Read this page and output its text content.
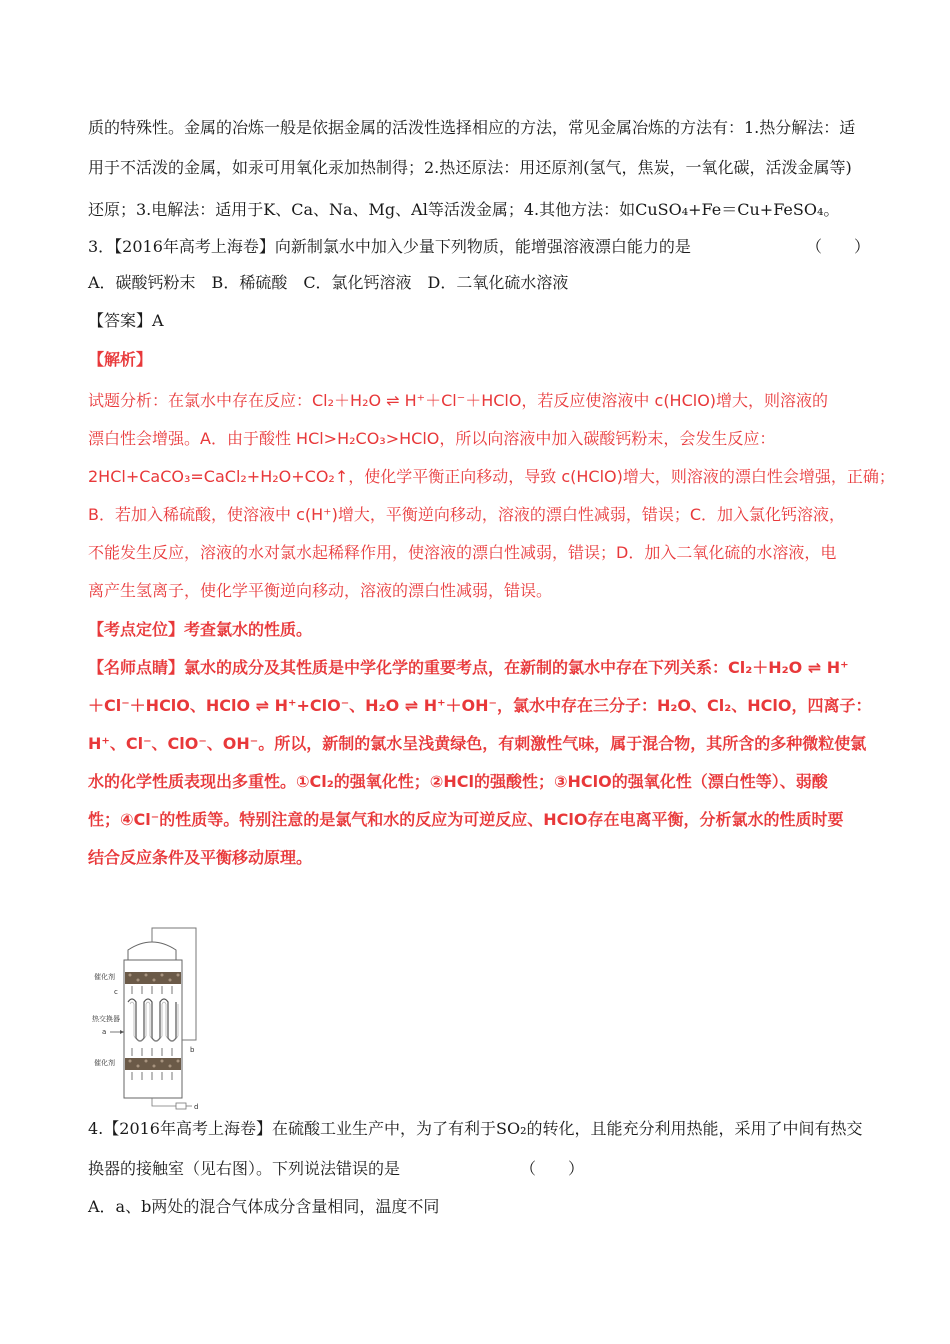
质的特殊性。金属的冶炼一般是依据金属的活泼性选择相应的方法，常见金属冶炼的方法有：1.热分解法：适
用于不活泼的金属，如汞可用氧化汞加热制得；2.热还原法：用还原剂(氢气，焦炭，一氧化碳，活泼金属等)
还原；3.电解法：适用于K、Ca、Na、Mg、Al等活泼金属；4.其他方法：如CuSO₄+Fe＝Cu+FeSO₄。
3．【2016年高考上海卷】向新制氯水中加入少量下列物质，能增强溶液漂白能力的是	（　　）
A．碳酸钙粉末　B．稀硫酸　C．氯化钙溶液　D．二氧化硫水溶液
【答案】A
【解析】
试题分析：在氯水中存在反应：Cl₂＋H₂O ⇌ H⁺＋Cl⁻＋HClO，若反应使溶液中 c(HClO)增大，则溶液的
漂白性会增强。A．由于酸性 HCl>H₂CO₃>HClO，所以向溶液中加入碳酸钙粉末，会发生反应：
2HCl+CaCO₃=CaCl₂+H₂O+CO₂↑，使化学平衡正向移动，导致 c(HClO)增大，则溶液的漂白性会增强，正确；
B．若加入稀硫酸，使溶液中 c(H⁺)增大，平衡逆向移动，溶液的漂白性减弱，错误；C．加入氯化钙溶液，
不能发生反应，溶液的水对氯水起稀释作用，使溶液的漂白性减弱，错误；D．加入二氧化硫的水溶液，电
离产生氢离子，使化学平衡逆向移动，溶液的漂白性减弱，错误。
【考点定位】考查氯水的性质。
【名师点睛】氯水的成分及其性质是中学化学的重要考点，在新制的氯水中存在下列关系：Cl₂＋H₂O ⇌ H⁺
＋Cl⁻＋HClO、HClO ⇌ H⁺+ClO⁻、H₂O ⇌ H⁺＋OH⁻，氯水中存在三分子：H₂O、Cl₂、HClO，四离子：
H⁺、Cl⁻、ClO⁻、OH⁻。所以，新制的氯水呈浅黄绿色，有刺激性气味，属于混合物，其所含的多种微粒使氯
水的化学性质表现出多重性。①Cl₂的强氧化性；②HCl的强酸性；③HClO的强氧化性（漂白性等）、弱酸
性；④Cl⁻的性质等。特别注意的是氯气和水的反应为可逆反应、HClO存在电离平衡，分析氯水的性质时要
结合反应条件及平衡移动原理。
催化剂
热交换器
a
催化剂
b
c
d
4.【2016年高考上海卷】在硫酸工业生产中，为了有利于SO₂的转化，且能充分利用热能，采用了中间有热交
换器的接触室（见右图）。下列说法错误的是	（　　）
A．a、b两处的混合气体成分含量相同，温度不同
